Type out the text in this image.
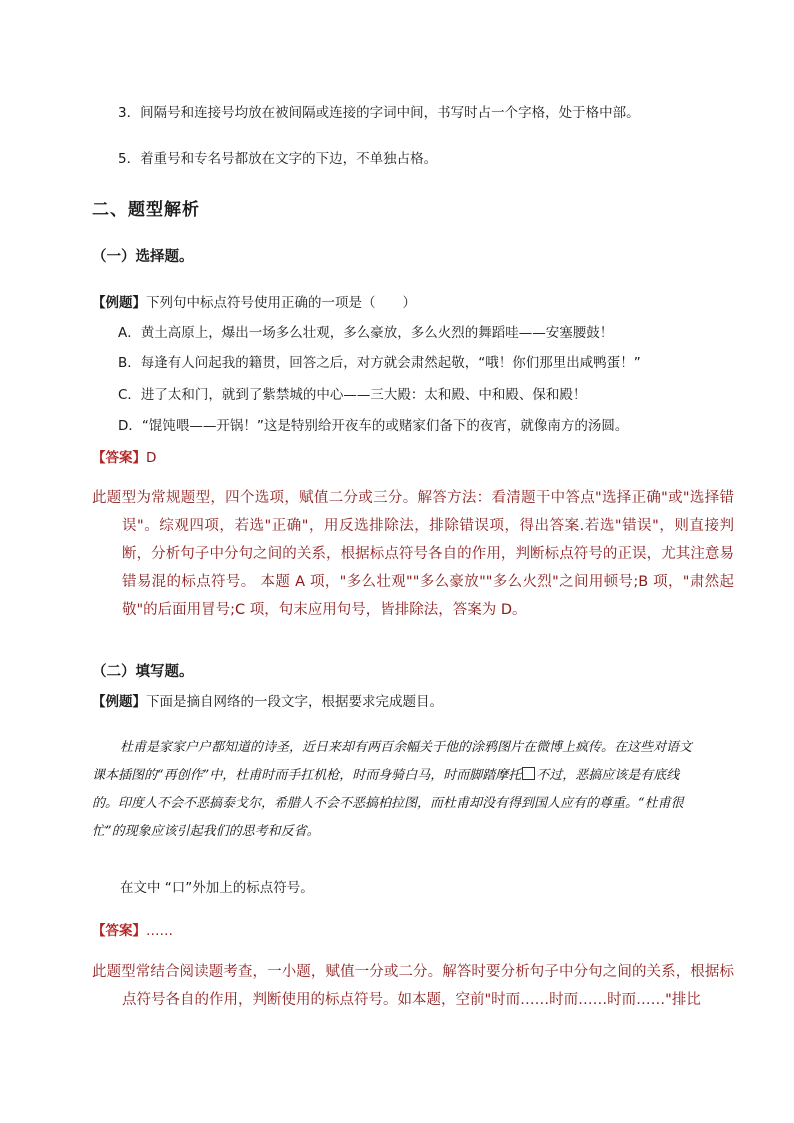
3．间隔号和连接号均放在被间隔或连接的字词中间，书写时占一个字格，处于格中部。
5．着重号和专名号都放在文字的下边，不单独占格。
二、题型解析
（一）选择题。
【例题】下列句中标点符号使用正确的一项是（　　）
A．黄土高原上，爆出一场多么壮观，多么豪放，多么火烈的舞蹈哇——安塞腰鼓！
B．每逢有人问起我的籍贯，回答之后，对方就会肃然起敬，“哦！你们那里出咸鸭蛋！”
C．进了太和门，就到了紫禁城的中心——三大殿：太和殿、中和殿、保和殿！
D．“馄饨喂——开锅！”这是特别给开夜车的或赌家们备下的夜宵，就像南方的汤圆。
【答案】D
此题型为常规题型，四个选项，赋值二分或三分。解答方法：看清题干中答点"选择正确"或"选择错误"。综观四项，若选"正确"，用反选排除法，排除错误项，得出答案.若选"错误"，则直接判断，分析句子中分句之间的关系，根据标点符号各自的作用，判断标点符号的正误，尤其注意易错易混的标点符号。 本题 A 项，"多么壮观""多么豪放""多么火烈"之间用顿号;B 项，"肃然起敬"的后面用冒号;C 项，句末应用句号，皆排除法，答案为 D。
（二）填写题。
【例题】下面是摘自网络的一段文字，根据要求完成题目。
杜甫是家家户户都知道的诗圣，近日来却有两百余幅关于他的涂鸦图片在微博上疯传。在这些对语文课本插图的“再创作”中，杜甫时而手扛机枪，时而身骑白马，时而脚踏摩托 不过，恶搞应该是有底线的。印度人不会不恶搞泰戈尔，希腊人不会不恶搞柏拉图，而杜甫却没有得到国人应有的尊重。“杜甫很忙”的现象应该引起我们的思考和反省。
在文中 “口”外加上的标点符号。
【答案】……
此题型常结合阅读题考查，一小题，赋值一分或二分。解答时要分析句子中分句之间的关系，根据标点符号各自的作用，判断使用的标点符号。如本题，空前"时而……时而……时而……"排比
